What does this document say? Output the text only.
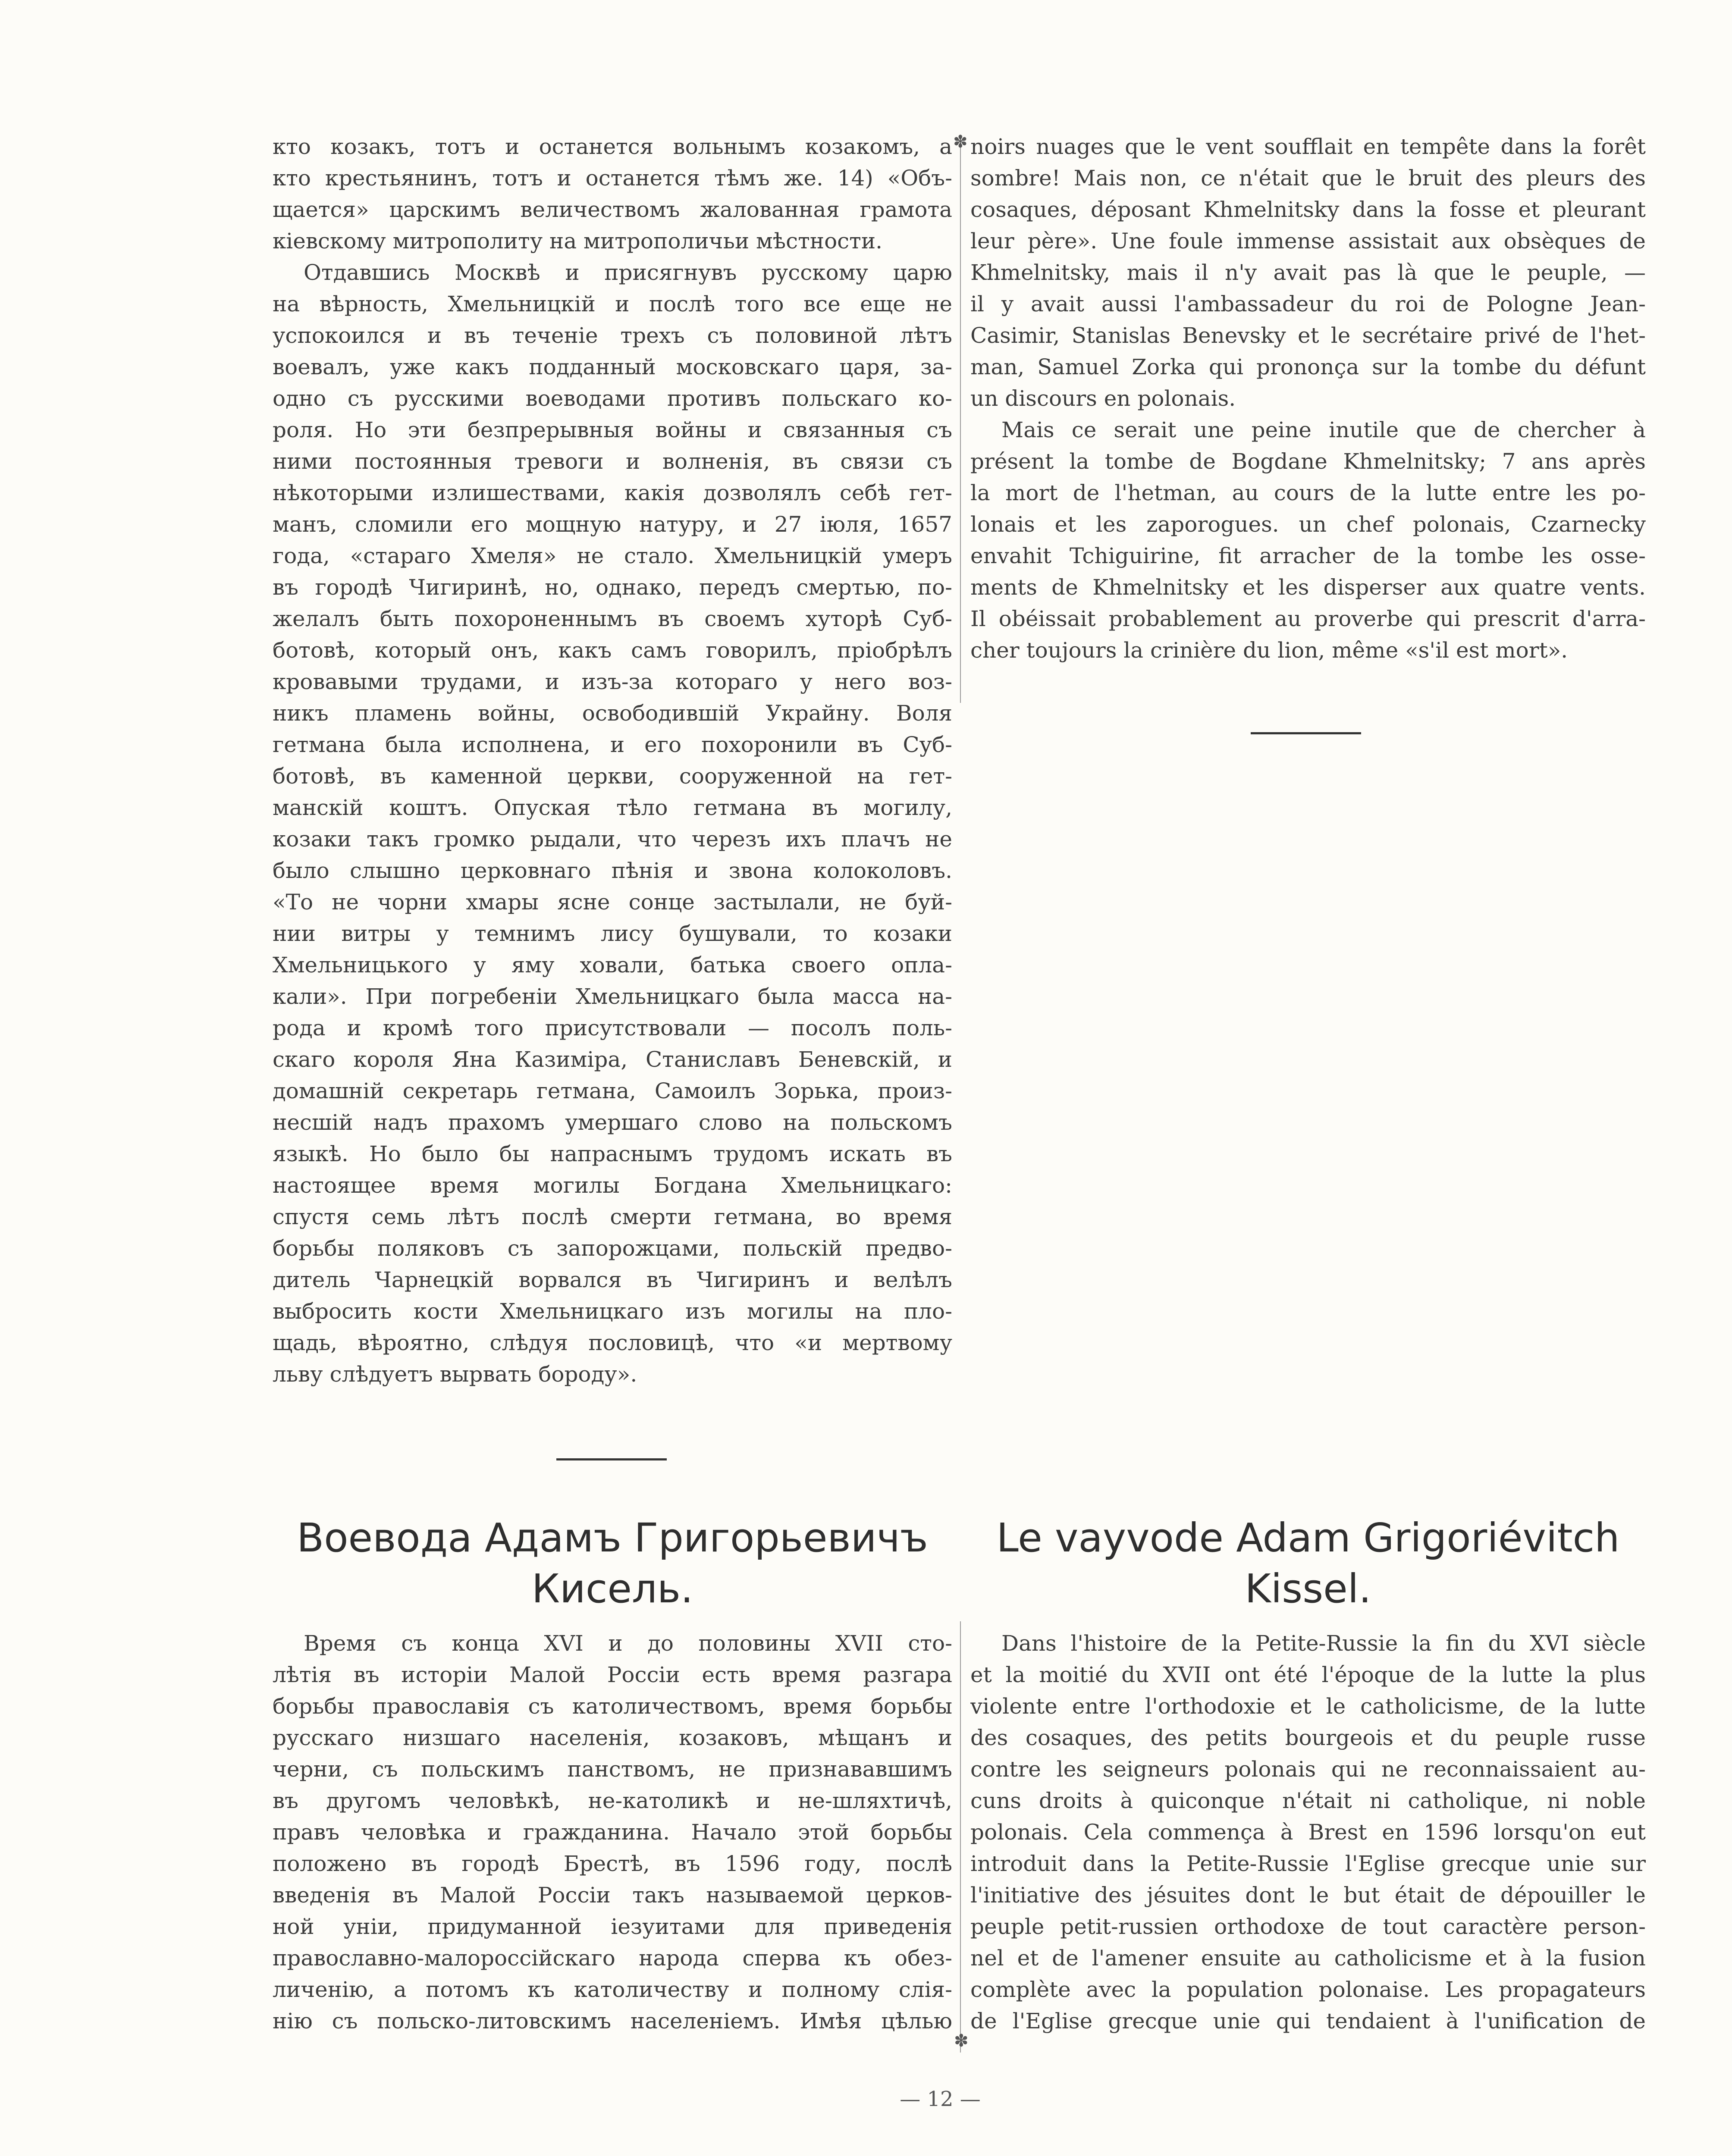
кто козакъ, тотъ и останется вольнымъ козакомъ, а
кто крестьянинъ, тотъ и останется тѣмъ же. 14) «Объ-
щается» царскимъ величествомъ жалованная грамота
кіевскому митрополиту на митрополичьи мѣстности.
Отдавшись Москвѣ и присягнувъ русскому царю
на вѣрность, Хмельницкій и послѣ того все еще не
успокоился и въ теченіе трехъ съ половиной лѣтъ
воевалъ, уже какъ подданный московскаго царя, за-
одно съ русскими воеводами противъ польскаго ко-
роля. Но эти безпрерывныя войны и связанныя съ
ними постоянныя тревоги и волненія, въ связи съ
нѣкоторыми излишествами, какія дозволялъ себѣ гет-
манъ, сломили его мощную натуру, и 27 іюля, 1657
года, «стараго Хмеля» не стало. Хмельницкій умеръ
въ городѣ Чигиринѣ, но, однако, передъ смертью, по-
желалъ быть похороненнымъ въ своемъ хуторѣ Суб-
ботовѣ, который онъ, какъ самъ говорилъ, пріобрѣлъ
кровавыми трудами, и изъ-за котораго у него воз-
никъ пламень войны, освободившій Украйну. Воля
гетмана была исполнена, и его похоронили въ Суб-
ботовѣ, въ каменной церкви, сооруженной на гет-
манскій коштъ. Опуская тѣло гетмана въ могилу,
козаки такъ громко рыдали, что черезъ ихъ плачъ не
было слышно церковнаго пѣнія и звона колоколовъ.
«То не чорни хмары ясне сонце застылали, не буй-
нии витры у темнимъ лису бушували, то козаки
Хмельницького у яму ховали, батька своего опла-
кали». При погребеніи Хмельницкаго была масса на-
рода и кромѣ того присутствовали — посолъ поль-
скаго короля Яна Казиміра, Станиславъ Беневскій, и
домашній секретарь гетмана, Самоилъ Зорька, произ-
несшій надъ прахомъ умершаго слово на польскомъ
языкѣ. Но было бы напраснымъ трудомъ искать въ
настоящее время могилы Богдана Хмельницкаго:
спустя семь лѣтъ послѣ смерти гетмана, во время
борьбы поляковъ съ запорожцами, польскій предво-
дитель Чарнецкій ворвался въ Чигиринъ и велѣлъ
выбросить кости Хмельницкаго изъ могилы на пло-
щадь, вѣроятно, слѣдуя пословицѣ, что «и мертвому
льву слѣдуетъ вырвать бороду».
noirs nuages que le vent soufflait en tempête dans la forêt
sombre! Mais non, ce n'était que le bruit des pleurs des
cosaques, déposant Khmelnitsky dans la fosse et pleurant
leur père». Une foule immense assistait aux obsèques de
Khmelnitsky, mais il n'y avait pas là que le peuple, —
il y avait aussi l'ambassadeur du roi de Pologne Jean-
Casimir, Stanislas Benevsky et le secrétaire privé de l'het-
man, Samuel Zorka qui prononça sur la tombe du défunt
un discours en polonais.
Mais ce serait une peine inutile que de chercher à
présent la tombe de Bogdane Khmelnitsky; 7 ans après
la mort de l'hetman, au cours de la lutte entre les po-
lonais et les zaporogues. un chef polonais, Czarnecky
envahit Tchiguirine, fit arracher de la tombe les osse-
ments de Khmelnitsky et les disperser aux quatre vents.
Il obéissait probablement au proverbe qui prescrit d'arra-
cher toujours la crinière du lion, même «s'il est mort».
✽
✽
Воевода Адамъ Григорьевичъ
Кисель.
Le vayvode Adam Grigoriévitch
Kissel.
Время съ конца XVI и до половины XVII сто-
лѣтія въ исторіи Малой Россіи есть время разгара
борьбы православія съ католичествомъ, время борьбы
русскаго низшаго населенія, козаковъ, мѣщанъ и
черни, съ польскимъ панствомъ, не признававшимъ
въ другомъ человѣкѣ, не-католикѣ и не-шляхтичѣ,
правъ человѣка и гражданина. Начало этой борьбы
положено въ городѣ Брестѣ, въ 1596 году, послѣ
введенія въ Малой Россіи такъ называемой церков-
ной уніи, придуманной іезуитами для приведенія
православно-малороссійскаго народа сперва къ обез-
личенію, а потомъ къ католичеству и полному слія-
нію съ польско-литовскимъ населеніемъ. Имѣя цѣлью
Dans l'histoire de la Petite-Russie la fin du XVI siècle
et la moitié du XVII ont été l'époque de la lutte la plus
violente entre l'orthodoxie et le catholicisme, de la lutte
des cosaques, des petits bourgeois et du peuple russe
contre les seigneurs polonais qui ne reconnaissaient au-
cuns droits à quiconque n'était ni catholique, ni noble
polonais. Cela commença à Brest en 1596 lorsqu'on eut
introduit dans la Petite-Russie l'Eglise grecque unie sur
l'initiative des jésuites dont le but était de dépouiller le
peuple petit-russien orthodoxe de tout caractère person-
nel et de l'amener ensuite au catholicisme et à la fusion
complète avec la population polonaise. Les propagateurs
de l'Eglise grecque unie qui tendaient à l'unification de
— 12 —
